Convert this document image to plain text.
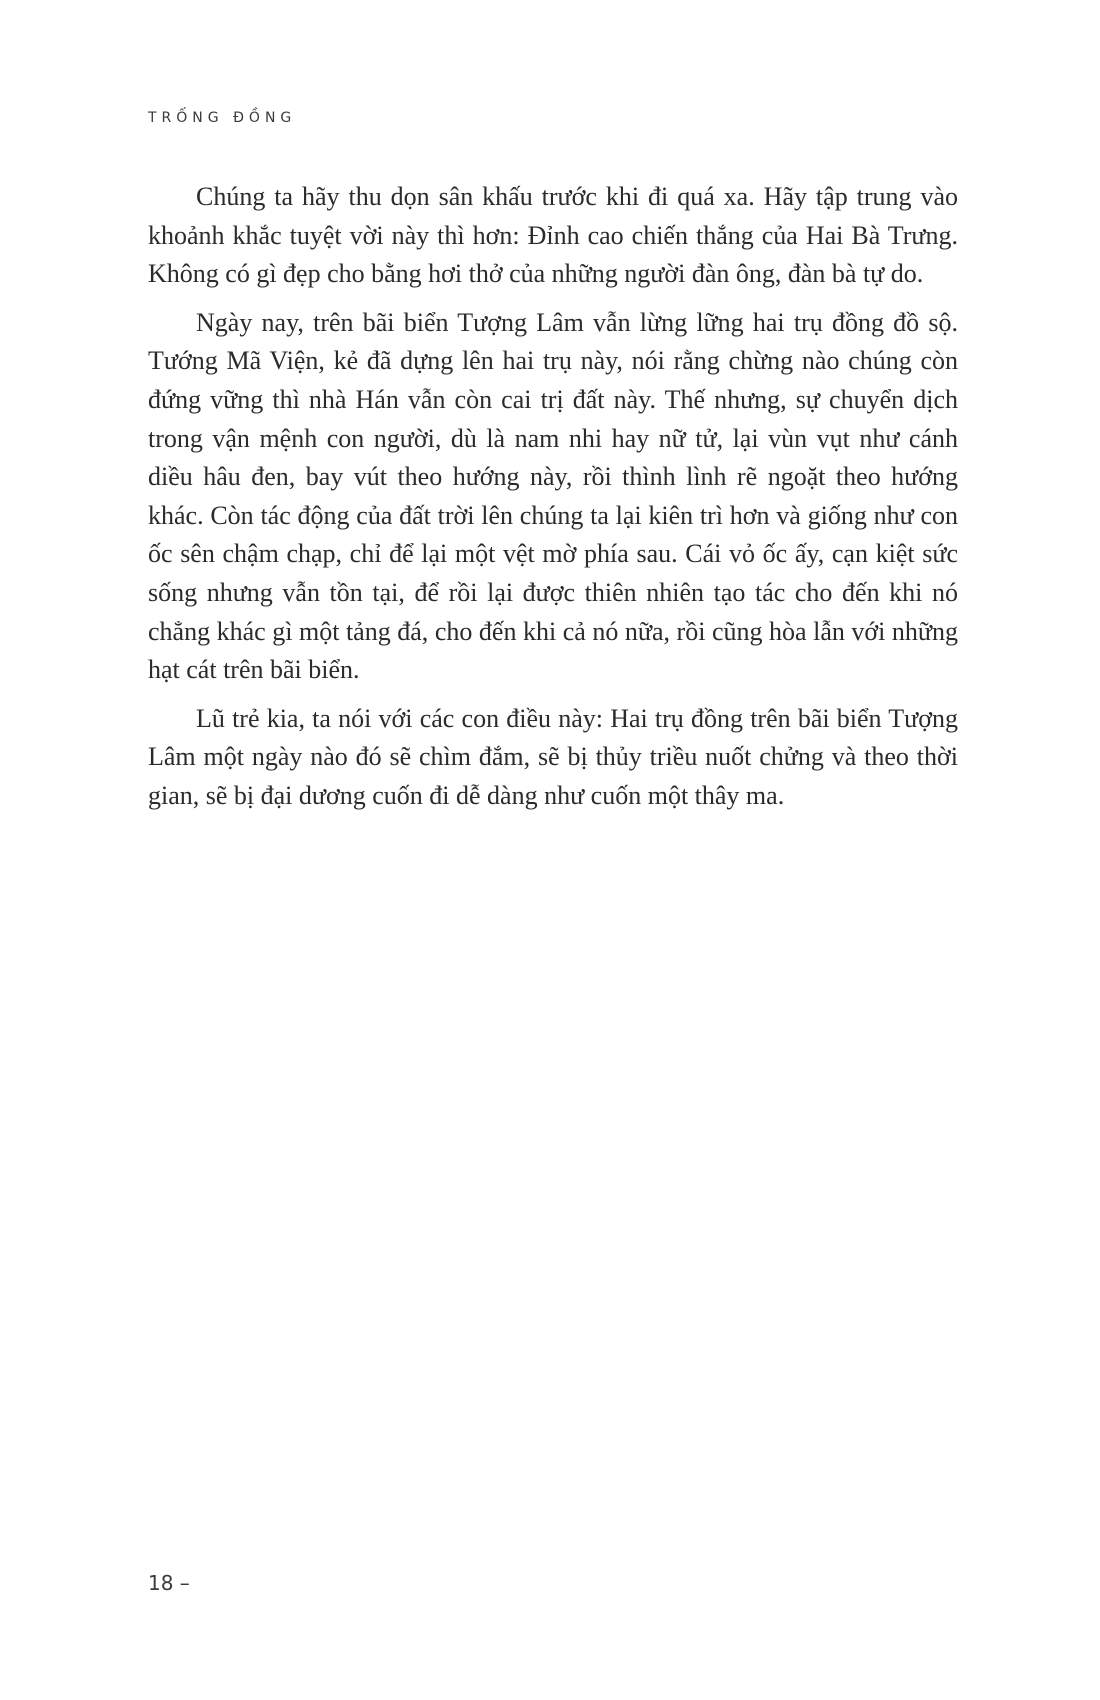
TRỐNG ĐỒNG

Chúng ta hãy thu dọn sân khấu trước khi đi quá xa. Hãy tập trung vào khoảnh khắc tuyệt vời này thì hơn: Đỉnh cao chiến thắng của Hai Bà Trưng. Không có gì đẹp cho bằng hơi thở của những người đàn ông, đàn bà tự do.

Ngày nay, trên bãi biển Tượng Lâm vẫn lừng lững hai trụ đồng đồ sộ. Tướng Mã Viện, kẻ đã dựng lên hai trụ này, nói rằng chừng nào chúng còn đứng vững thì nhà Hán vẫn còn cai trị đất này. Thế nhưng, sự chuyển dịch trong vận mệnh con người, dù là nam nhi hay nữ tử, lại vùn vụt như cánh diều hâu đen, bay vút theo hướng này, rồi thình lình rẽ ngoặt theo hướng khác. Còn tác động của đất trời lên chúng ta lại kiên trì hơn và giống như con ốc sên chậm chạp, chỉ để lại một vệt mờ phía sau. Cái vỏ ốc ấy, cạn kiệt sức sống nhưng vẫn tồn tại, để rồi lại được thiên nhiên tạo tác cho đến khi nó chẳng khác gì một tảng đá, cho đến khi cả nó nữa, rồi cũng hòa lẫn với những hạt cát trên bãi biển.

Lũ trẻ kia, ta nói với các con điều này: Hai trụ đồng trên bãi biển Tượng Lâm một ngày nào đó sẽ chìm đắm, sẽ bị thủy triều nuốt chửng và theo thời gian, sẽ bị đại dương cuốn đi dễ dàng như cuốn một thây ma.

18 –
